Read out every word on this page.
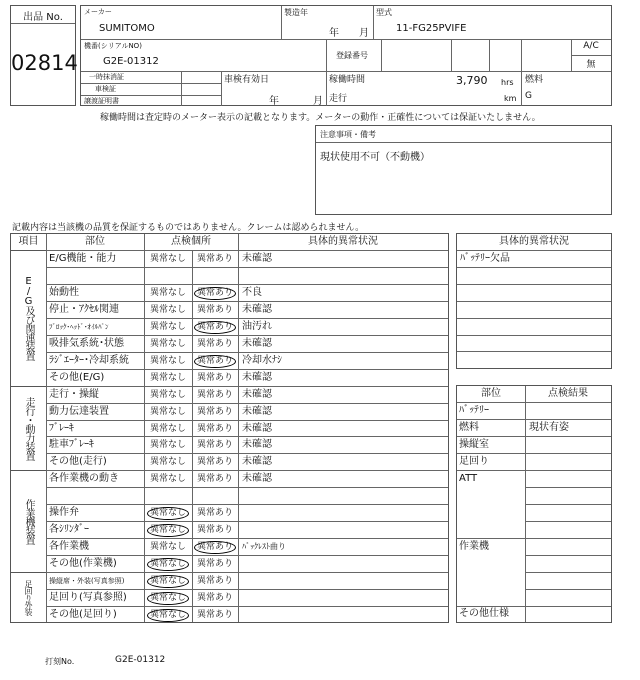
出品 No.
02814
メーカー
SUMITOMO
製造年
年 月
型式
11-FG25PVIFE
機番(シリアルNO)
G2E-01312
登録番号
A/C
無
一時抹消証
車検証
譲渡証明書
車検有効日
年	月
稼働時間	3,790 hrs
走行	km
燃料
G
稼働時間は査定時のメーター表示の記載となります。メーターの動作・正確性については保証いたしません。
注意事項・備考
現状使用不可（不動機）
記載内容は当該機の品質を保証するものではありません。クレームは認められません。
項目	部位	点検個所	具体的異常状況
E/G機能・能力	異常なし	異常あり 未確認
始動性	異常なし	異常あり 不良
停止・ｱｸｾﾙ関連	異常なし	異常あり 未確認
ﾌﾞﾛｯｸ･ﾍｯﾄﾞ･ｵｲﾙﾊﾟﾝ	異常なし	異常あり 油汚れ
吸排気系統･状態	異常なし	異常あり 未確認
ﾗｼﾞｴｰﾀｰ･冷却系統	異常なし	異常あり 冷却水ﾅｼ
その他(E/G)	異常なし	異常あり 未確認
E/G及び関連装置
走行・操縦	異常なし	異常あり 未確認
動力伝達装置	異常なし	異常あり 未確認
ﾌﾞﾚｰｷ	異常なし	異常あり 未確認
駐車ﾌﾞﾚｰｷ	異常なし	異常あり 未確認
その他(走行)	異常なし	異常あり 未確認
走行・動力装置
各作業機の動き	異常なし	異常あり 未確認
操作弁	異常なし	異常あり
各ｼﾘﾝﾀﾞｰ	異常なし	異常あり
各作業機	異常なし	異常あり	ﾊﾞｯｸﾚｽﾄ曲り
その他(作業機)	異常なし	異常あり
作業機装置
操縦席・外装(写真参照)	異常なし	異常あり
足回り(写真参照)	異常なし	異常あり
その他(足回り)	異常なし	異常あり
足回り外装
具体的異常状況
ﾊﾞｯﾃﾘｰ欠品
部位	点検結果
ﾊﾞｯﾃﾘｰ
燃料	現状有姿
操縦室
足回り
ATT
作業機
その他仕様
打刻No.	G2E-01312
